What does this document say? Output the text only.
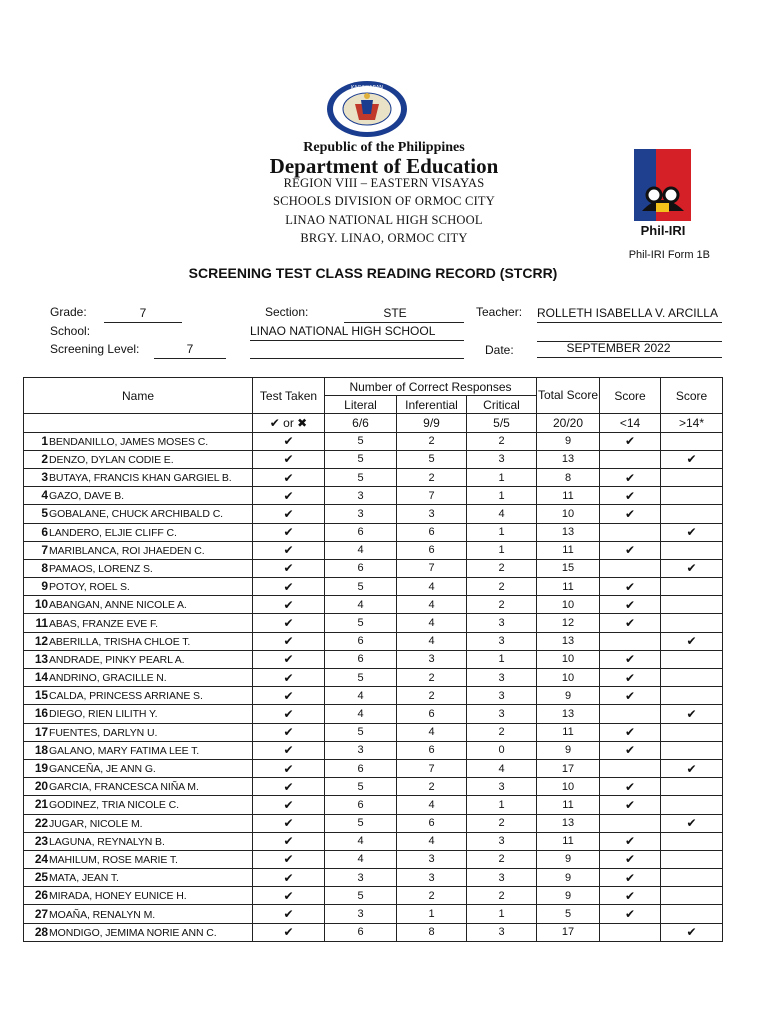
KAGAWARAN
Republic of the Philippines
Department of Education
REGION VIII – EASTERN VISAYAS
SCHOOLS DIVISION OF ORMOC CITY
LINAO NATIONAL HIGH SCHOOL
BRGY. LINAO, ORMOC CITY	Phil-IRI
Phil-IRI Form 1B
SCREENING TEST CLASS READING RECORD (STCRR)
Grade:	7	Section:	STE	Teacher: ROLLETH ISABELLA V. ARCILLA
School:	LINAO NATIONAL HIGH SCHOOL
Screening Level:	7	Date:	SEPTEMBER 2022
Name	Test Taken	Number of Correct Responses			Total Score	Score	Score
		Literal	Inferential	Critical			
	✔ or ✖	6/6	9/9	5/5	20/20	<14	>14*
1BENDANILLO, JAMES MOSES C.	✔	5	2	2	9	✔	
2DENZO, DYLAN CODIE E.	✔	5	5	3	13		✔
3BUTAYA, FRANCIS KHAN GARGIEL B.	✔	5	2	1	8	✔	
4GAZO, DAVE B.	✔	3	7	1	11	✔	
5GOBALANE, CHUCK ARCHIBALD C.	✔	3	3	4	10	✔	
6LANDERO, ELJIE CLIFF C.	✔	6	6	1	13		✔
7MARIBLANCA, ROI JHAEDEN C.	✔	4	6	1	11	✔	
8PAMAOS, LORENZ S.	✔	6	7	2	15		✔
9POTOY, ROEL S.	✔	5	4	2	11	✔	
10ABANGAN, ANNE NICOLE A.	✔	4	4	2	10	✔	
11ABAS, FRANZE EVE F.	✔	5	4	3	12	✔	
12ABERILLA, TRISHA CHLOE T.	✔	6	4	3	13		✔
13ANDRADE, PINKY PEARL A.	✔	6	3	1	10	✔	
14ANDRINO, GRACILLE N.	✔	5	2	3	10	✔	
15CALDA, PRINCESS ARRIANE S.	✔	4	2	3	9	✔	
16DIEGO, RIEN LILITH Y.	✔	4	6	3	13		✔
17FUENTES, DARLYN U.	✔	5	4	2	11	✔	
18GALANO, MARY FATIMA LEE T.	✔	3	6	0	9	✔	
19GANCEÑA, JE ANN G.	✔	6	7	4	17		✔
20GARCIA, FRANCESCA NIÑA M.	✔	5	2	3	10	✔	
21GODINEZ, TRIA NICOLE C.	✔	6	4	1	11	✔	
22JUGAR, NICOLE M.	✔	5	6	2	13		✔
23LAGUNA, REYNALYN B.	✔	4	4	3	11	✔	
24MAHILUM, ROSE MARIE T.	✔	4	3	2	9	✔	
25MATA, JEAN T.	✔	3	3	3	9	✔	
26MIRADA, HONEY EUNICE H.	✔	5	2	2	9	✔	
27MOAÑA, RENALYN M.	✔	3	1	1	5	✔	
28MONDIGO, JEMIMA NORIE ANN C.	✔	6	8	3	17		✔
